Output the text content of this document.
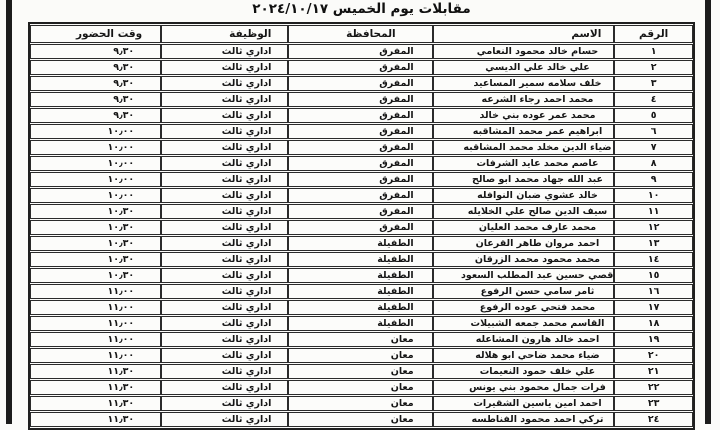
مقابلات يوم الخميس ٢٠٢٤/١٠/١٧
الرقم	الاسم	المحافظة	الوظيفة	وقت الحضور
١	حسام خالد محمود النعامي	المفرق	اداري ثالث	٩٫٣٠
٢	علي خالد علي الديسي	المفرق	اداري ثالث	٩٫٣٠
٣	خلف سلامه سمير المساعيد	المفرق	اداري ثالث	٩٫٣٠
٤	محمد احمد رجاء الشرعه	المفرق	اداري ثالث	٩٫٣٠
٥	محمد عمر عوده بني خالد	المفرق	اداري ثالث	٩٫٣٠
٦	ابراهيم عمر محمد المشاقبه	المفرق	اداري ثالث	١٠٫٠٠
٧	ضياء الدين مخلد محمد المشاقبه	المفرق	اداري ثالث	١٠٫٠٠
٨	عاصم محمد عايد الشرفات	المفرق	اداري ثالث	١٠٫٠٠
٩	عبد الله جهاد محمد ابو صالح	المفرق	اداري ثالث	١٠٫٠٠
١٠	خالد عشوي ضبان النوافله	المفرق	اداري ثالث	١٠٫٠٠
١١	سيف الدين صالح علي الخلايله	المفرق	اداري ثالث	١٠٫٣٠
١٢	محمد عارف محمد العليان	المفرق	اداري ثالث	١٠٫٣٠
١٣	احمد مروان طاهر القرعان	الطفيلة	اداري ثالث	١٠٫٣٠
١٤	محمد محمود محمد الزرقان	الطفيلة	اداري ثالث	١٠٫٣٠
١٥	قصي حسين عبد المطلب السعود	الطفيلة	اداري ثالث	١٠٫٣٠
١٦	ثامر سامي حسن الرفوع	الطفيلة	اداري ثالث	١١٫٠٠
١٧	محمد فتحي عوده الرفوع	الطفيلة	اداري ثالث	١١٫٠٠
١٨	القاسم محمد جمعه الشبيلات	الطفيلة	اداري ثالث	١١٫٠٠
١٩	احمد خالد هارون المشاعله	معان	اداري ثالث	١١٫٠٠
٢٠	ضياء محمد ضاحي ابو هلاله	معان	اداري ثالث	١١٫٠٠
٢١	علي خلف حمود النعيمات	معان	اداري ثالث	١١٫٣٠
٢٢	فرات جمال محمود بني يونس	معان	اداري ثالث	١١٫٣٠
٢٣	احمد امين ياسين الشقيرات	معان	اداري ثالث	١١٫٣٠
٢٤	تركي احمد محمود الفناطسه	معان	اداري ثالث	١١٫٣٠
